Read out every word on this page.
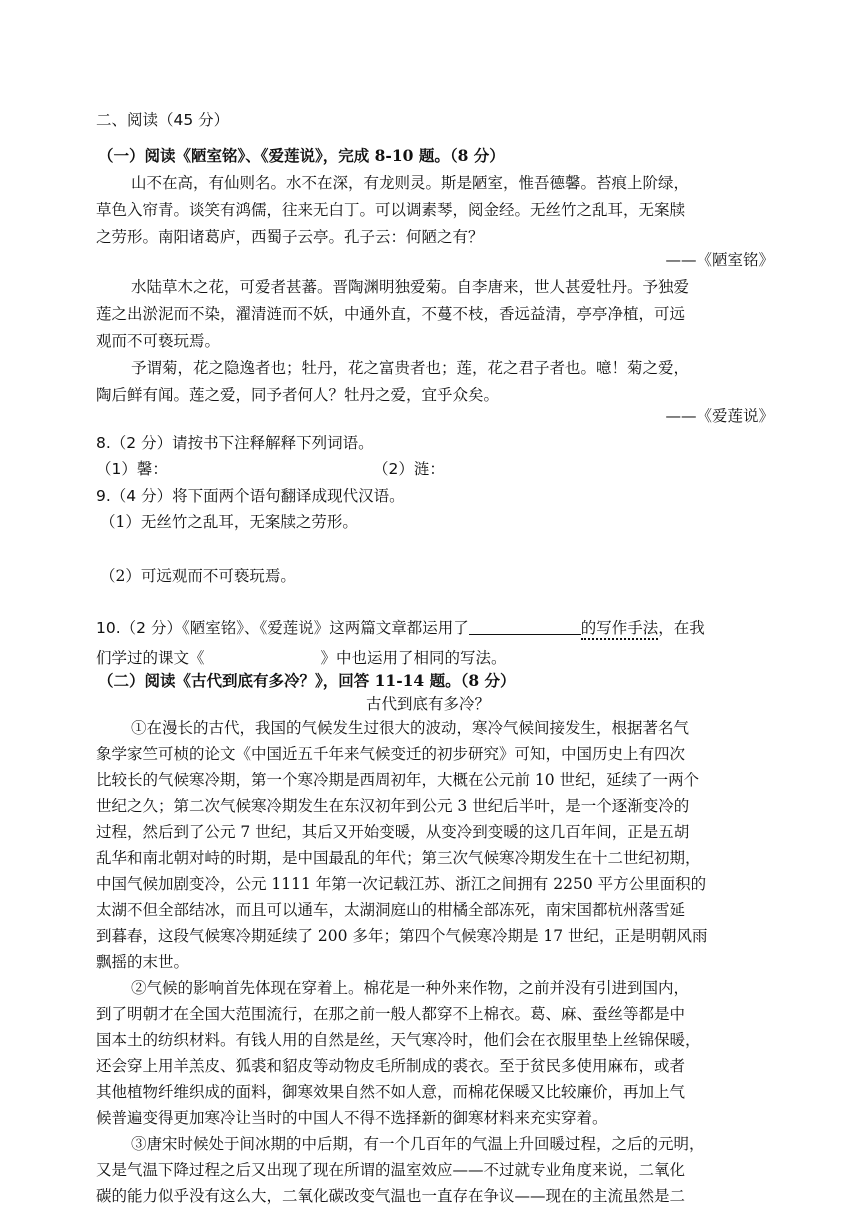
二、阅读（45 分）
（一）阅读《陋室铭》、《爱莲说》，完成 8-10 题。（8 分）
山不在高，有仙则名。水不在深，有龙则灵。斯是陋室，惟吾德馨。苔痕上阶绿，
草色入帘青。谈笑有鸿儒，往来无白丁。可以调素琴，阅金经。无丝竹之乱耳，无案牍
之劳形。南阳诸葛庐，西蜀子云亭。孔子云：何陋之有？
——《陋室铭》
水陆草木之花，可爱者甚蕃。晋陶渊明独爱菊。自李唐来，世人甚爱牡丹。予独爱
莲之出淤泥而不染，濯清涟而不妖，中通外直，不蔓不枝，香远益清，亭亭净植，可远
观而不可亵玩焉。
予谓菊，花之隐逸者也；牡丹，花之富贵者也；莲，花之君子者也。噫！菊之爱，
陶后鲜有闻。莲之爱，同予者何人？牡丹之爱，宜乎众矣。
——《爱莲说》
8.（2 分）请按书下注释解释下列词语。
（1）馨：	（2）涟：
9.（4 分）将下面两个语句翻译成现代汉语。
（1）无丝竹之乱耳，无案牍之劳形。
（2）可远观而不可亵玩焉。
10.（2 分）《陋室铭》、《爱莲说》这两篇文章都运用了	的写作手法，在我
们学过的课文《	》中也运用了相同的写法。
（二）阅读《古代到底有多冷？》，回答 11-14 题。（8 分）
古代到底有多冷？
①在漫长的古代，我国的气候发生过很大的波动，寒冷气候间接发生，根据著名气
象学家竺可桢的论文《中国近五千年来气候变迁的初步研究》可知，中国历史上有四次
比较长的气候寒冷期，第一个寒冷期是西周初年，大概在公元前 10 世纪，延续了一两个
世纪之久；第二次气候寒冷期发生在东汉初年到公元 3 世纪后半叶，是一个逐渐变冷的
过程，然后到了公元 7 世纪，其后又开始变暖，从变冷到变暖的这几百年间，正是五胡
乱华和南北朝对峙的时期，是中国最乱的年代；第三次气候寒冷期发生在十二世纪初期，
中国气候加剧变冷，公元 1111 年第一次记载江苏、浙江之间拥有 2250 平方公里面积的
太湖不但全部结冰，而且可以通车，太湖洞庭山的柑橘全部冻死，南宋国都杭州落雪延
到暮春，这段气候寒冷期延续了 200 多年；第四个气候寒冷期是 17 世纪，正是明朝风雨
飘摇的末世。
②气候的影响首先体现在穿着上。棉花是一种外来作物，之前并没有引进到国内，
到了明朝才在全国大范围流行，在那之前一般人都穿不上棉衣。葛、麻、蚕丝等都是中
国本土的纺织材料。有钱人用的自然是丝，天气寒冷时，他们会在衣服里垫上丝锦保暖，
还会穿上用羊羔皮、狐裘和貂皮等动物皮毛所制成的裘衣。至于贫民多使用麻布，或者
其他植物纤维织成的面料，御寒效果自然不如人意，而棉花保暖又比较廉价，再加上气
候普遍变得更加寒冷让当时的中国人不得不选择新的御寒材料来充实穿着。
③唐宋时候处于间冰期的中后期，有一个几百年的气温上升回暖过程，之后的元明，
又是气温下降过程之后又出现了现在所谓的温室效应——不过就专业角度来说，二氧化
碳的能力似乎没有这么大，二氧化碳改变气温也一直存在争议——现在的主流虽然是二
